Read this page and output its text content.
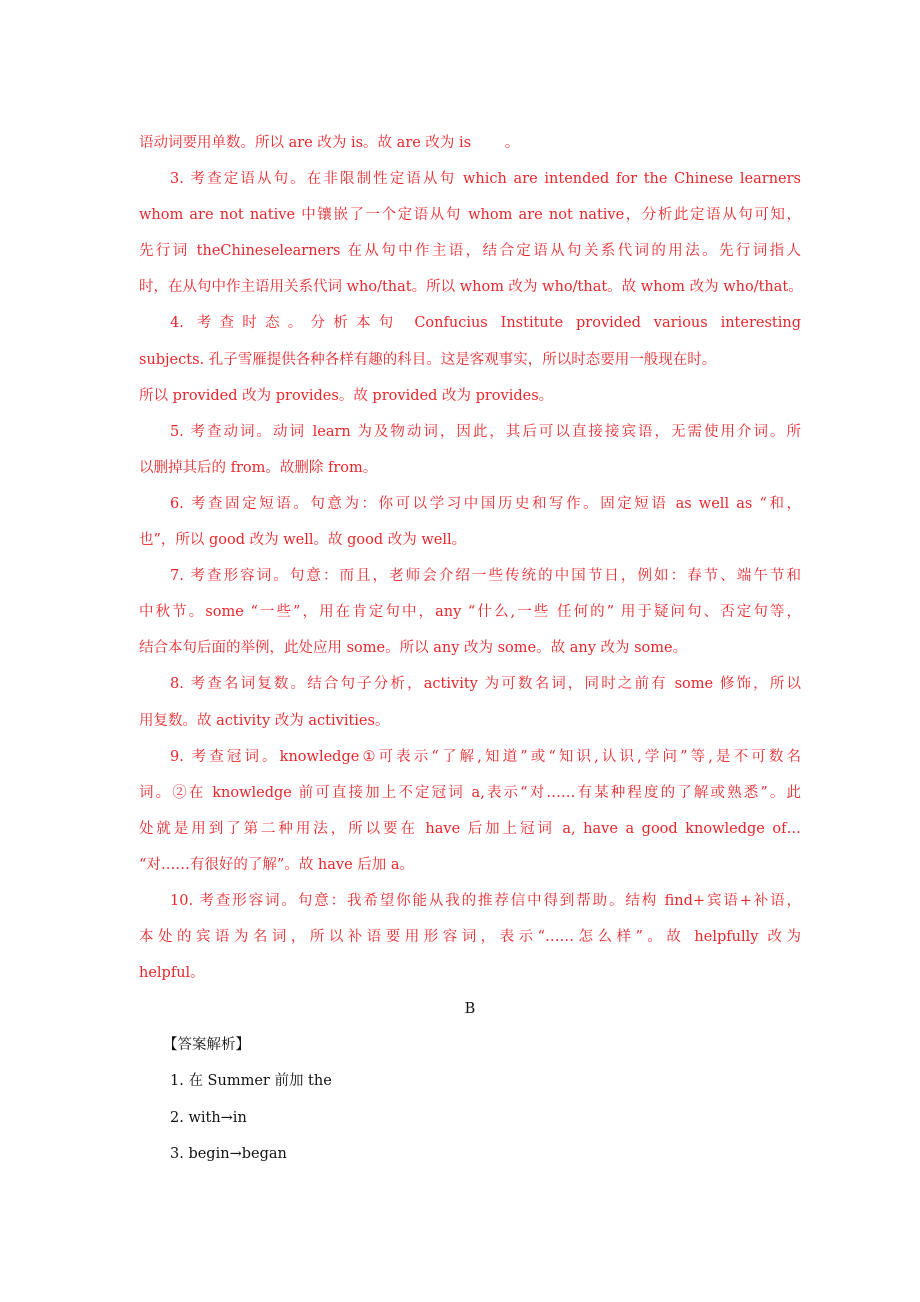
语动词要用单数。所以 are 改为 is。故 are 改为 is　　 。
3. 考查定语从句。在非限制性定语从句 which are intended for the Chinese learners
whom are not native 中镶嵌了一个定语从句 whom are not native，分析此定语从句可知，
先行词 theChineselearners 在从句中作主语，结合定语从句关系代词的用法。先行词指人
时，在从句中作主语用关系代词 who/that。所以 whom 改为 who/that。故 whom 改为 who/that。
4. 考查时态。分析本句 Confucius Institute provided various interesting
subjects. 孔子雪雁提供各种各样有趣的科目。这是客观事实，所以时态要用一般现在时。
所以 provided 改为 provides。故 provided 改为 provides。
5. 考查动词。动词 learn 为及物动词，因此，其后可以直接接宾语，无需使用介词。所
以删掉其后的 from。故删除 from。
6. 考查固定短语。句意为：你可以学习中国历史和写作。固定短语 as well as “和，
也”，所以 good 改为 well。故 good 改为 well。
7. 考查形容词。句意：而且，老师会介绍一些传统的中国节日，例如：春节、端午节和
中秋节。some “一些”，用在肯定句中，any “什么,一些 任何的” 用于疑问句、否定句等，
结合本句后面的举例，此处应用 some。所以 any 改为 some。故 any 改为 some。
8. 考查名词复数。结合句子分析，activity 为可数名词，同时之前有 some 修饰，所以
用复数。故 activity 改为 activities。
9. 考查冠词。knowledge①可表示“了解,知道”或“知识,认识,学问”等,是不可数名
词。②在 knowledge 前可直接加上不定冠词 a,表示“对……有某种程度的了解或熟悉”。此
处就是用到了第二种用法，所以要在 have 后加上冠词 a, have a good knowledge of…
“对……有很好的了解”。故 have 后加 a。
10. 考查形容词。句意：我希望你能从我的推荐信中得到帮助。结构 find+宾语+补语，
本处的宾语为名词，所以补语要用形容词，表示“……怎么样”。故 helpfully 改为
helpful。
B
【答案解析】
1. 在 Summer 前加 the
2. with→in
3. begin→began
